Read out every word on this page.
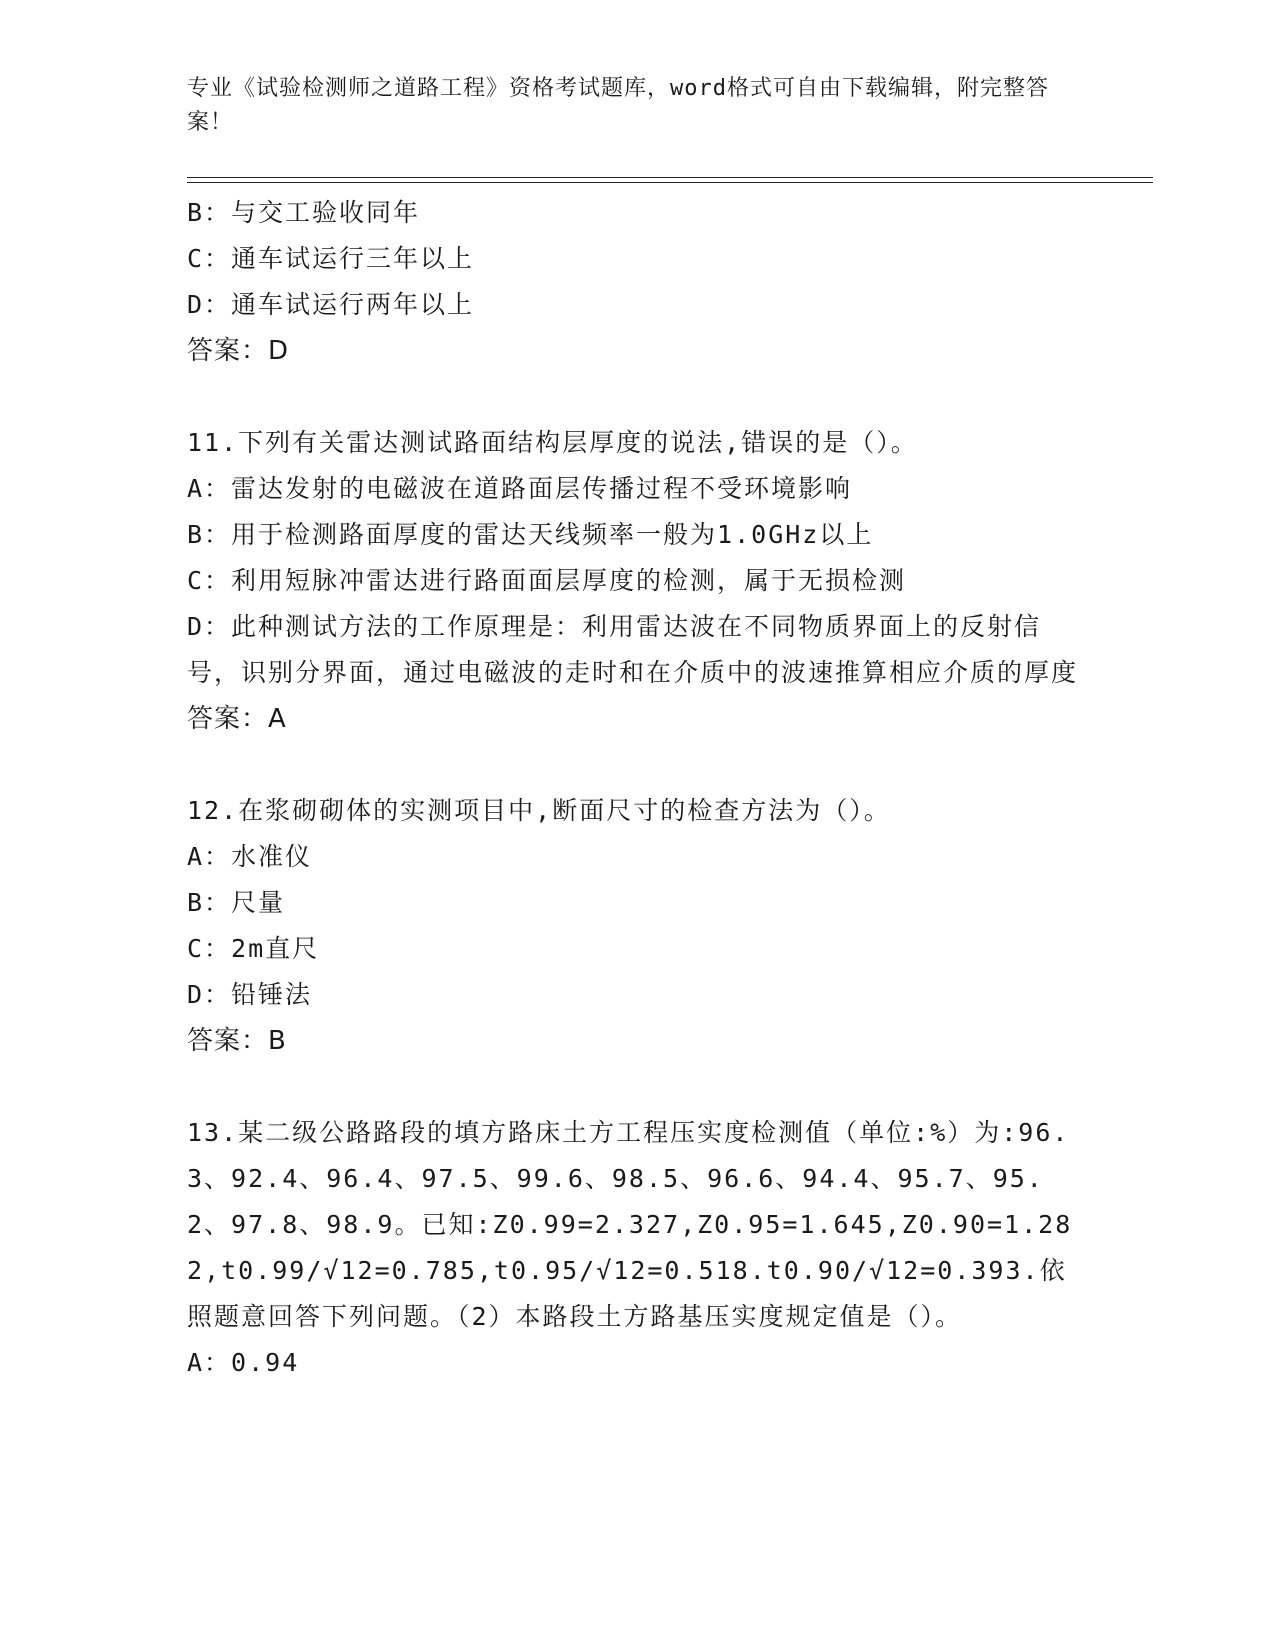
专业《试验检测师之道路工程》资格考试题库，word格式可自由下载编辑，附完整答案！
B：与交工验收同年
C：通车试运行三年以上
D：通车试运行两年以上
答案：D
11.下列有关雷达测试路面结构层厚度的说法,错误的是（）。
A：雷达发射的电磁波在道路面层传播过程不受环境影响
B：用于检测路面厚度的雷达天线频率一般为1.0GHz以上
C：利用短脉冲雷达进行路面面层厚度的检测，属于无损检测
D：此种测试方法的工作原理是：利用雷达波在不同物质界面上的反射信号，识别分界面，通过电磁波的走时和在介质中的波速推算相应介质的厚度
答案：A
12.在浆砌砌体的实测项目中,断面尺寸的检查方法为（）。
A：水准仪
B：尺量
C：2m直尺
D：铅锤法
答案：B
13.某二级公路路段的填方路床土方工程压实度检测值（单位:%）为:96.3、92.4、96.4、97.5、99.6、98.5、96.6、94.4、95.7、95.2、97.8、98.9。已知:Z0.99=2.327,Z0.95=1.645,Z0.90=1.282,t0.99/√12=0.785,t0.95/√12=0.518.t0.90/√12=0.393.依照题意回答下列问题。（2）本路段土方路基压实度规定值是（）。
A：0.94
